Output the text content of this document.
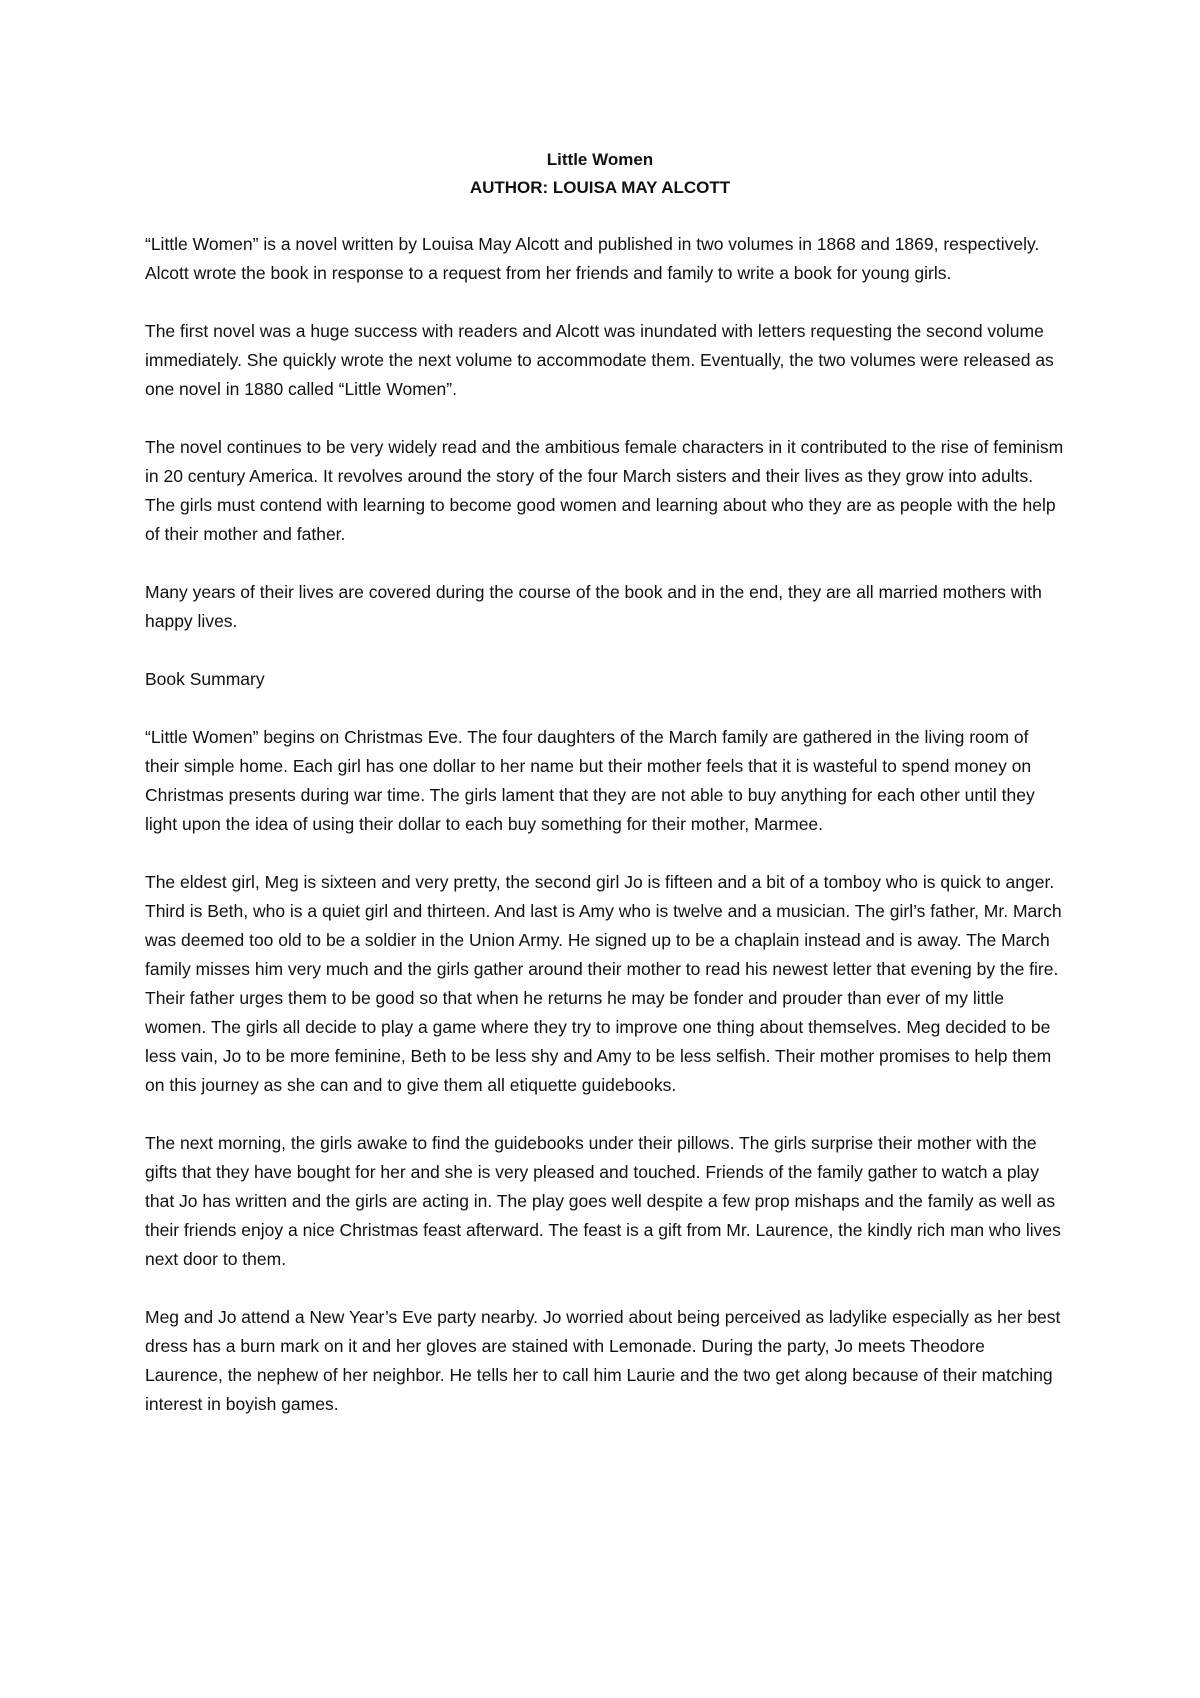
Little Women
AUTHOR: LOUISA MAY ALCOTT

“Little Women” is a novel written by Louisa May Alcott and published in two volumes in 1868 and 1869, respectively. Alcott wrote the book in response to a request from her friends and family to write a book for young girls.

The first novel was a huge success with readers and Alcott was inundated with letters requesting the second volume immediately. She quickly wrote the next volume to accommodate them. Eventually, the two volumes were released as one novel in 1880 called “Little Women”.

The novel continues to be very widely read and the ambitious female characters in it contributed to the rise of feminism in 20 century America. It revolves around the story of the four March sisters and their lives as they grow into adults. The girls must contend with learning to become good women and learning about who they are as people with the help of their mother and father.

Many years of their lives are covered during the course of the book and in the end, they are all married mothers with happy lives.

Book Summary

“Little Women” begins on Christmas Eve. The four daughters of the March family are gathered in the living room of their simple home. Each girl has one dollar to her name but their mother feels that it is wasteful to spend money on Christmas presents during war time. The girls lament that they are not able to buy anything for each other until they light upon the idea of using their dollar to each buy something for their mother, Marmee.

The eldest girl, Meg is sixteen and very pretty, the second girl Jo is fifteen and a bit of a tomboy who is quick to anger. Third is Beth, who is a quiet girl and thirteen. And last is Amy who is twelve and a musician. The girl’s father, Mr. March was deemed too old to be a soldier in the Union Army. He signed up to be a chaplain instead and is away. The March family misses him very much and the girls gather around their mother to read his newest letter that evening by the fire. Their father urges them to be good so that when he returns he may be fonder and prouder than ever of my little women. The girls all decide to play a game where they try to improve one thing about themselves. Meg decided to be less vain, Jo to be more feminine, Beth to be less shy and Amy to be less selfish. Their mother promises to help them on this journey as she can and to give them all etiquette guidebooks.

The next morning, the girls awake to find the guidebooks under their pillows. The girls surprise their mother with the gifts that they have bought for her and she is very pleased and touched. Friends of the family gather to watch a play that Jo has written and the girls are acting in. The play goes well despite a few prop mishaps and the family as well as their friends enjoy a nice Christmas feast afterward. The feast is a gift from Mr. Laurence, the kindly rich man who lives next door to them.

Meg and Jo attend a New Year’s Eve party nearby. Jo worried about being perceived as ladylike especially as her best dress has a burn mark on it and her gloves are stained with Lemonade. During the party, Jo meets Theodore Laurence, the nephew of her neighbor. He tells her to call him Laurie and the two get along because of their matching interest in boyish games.
